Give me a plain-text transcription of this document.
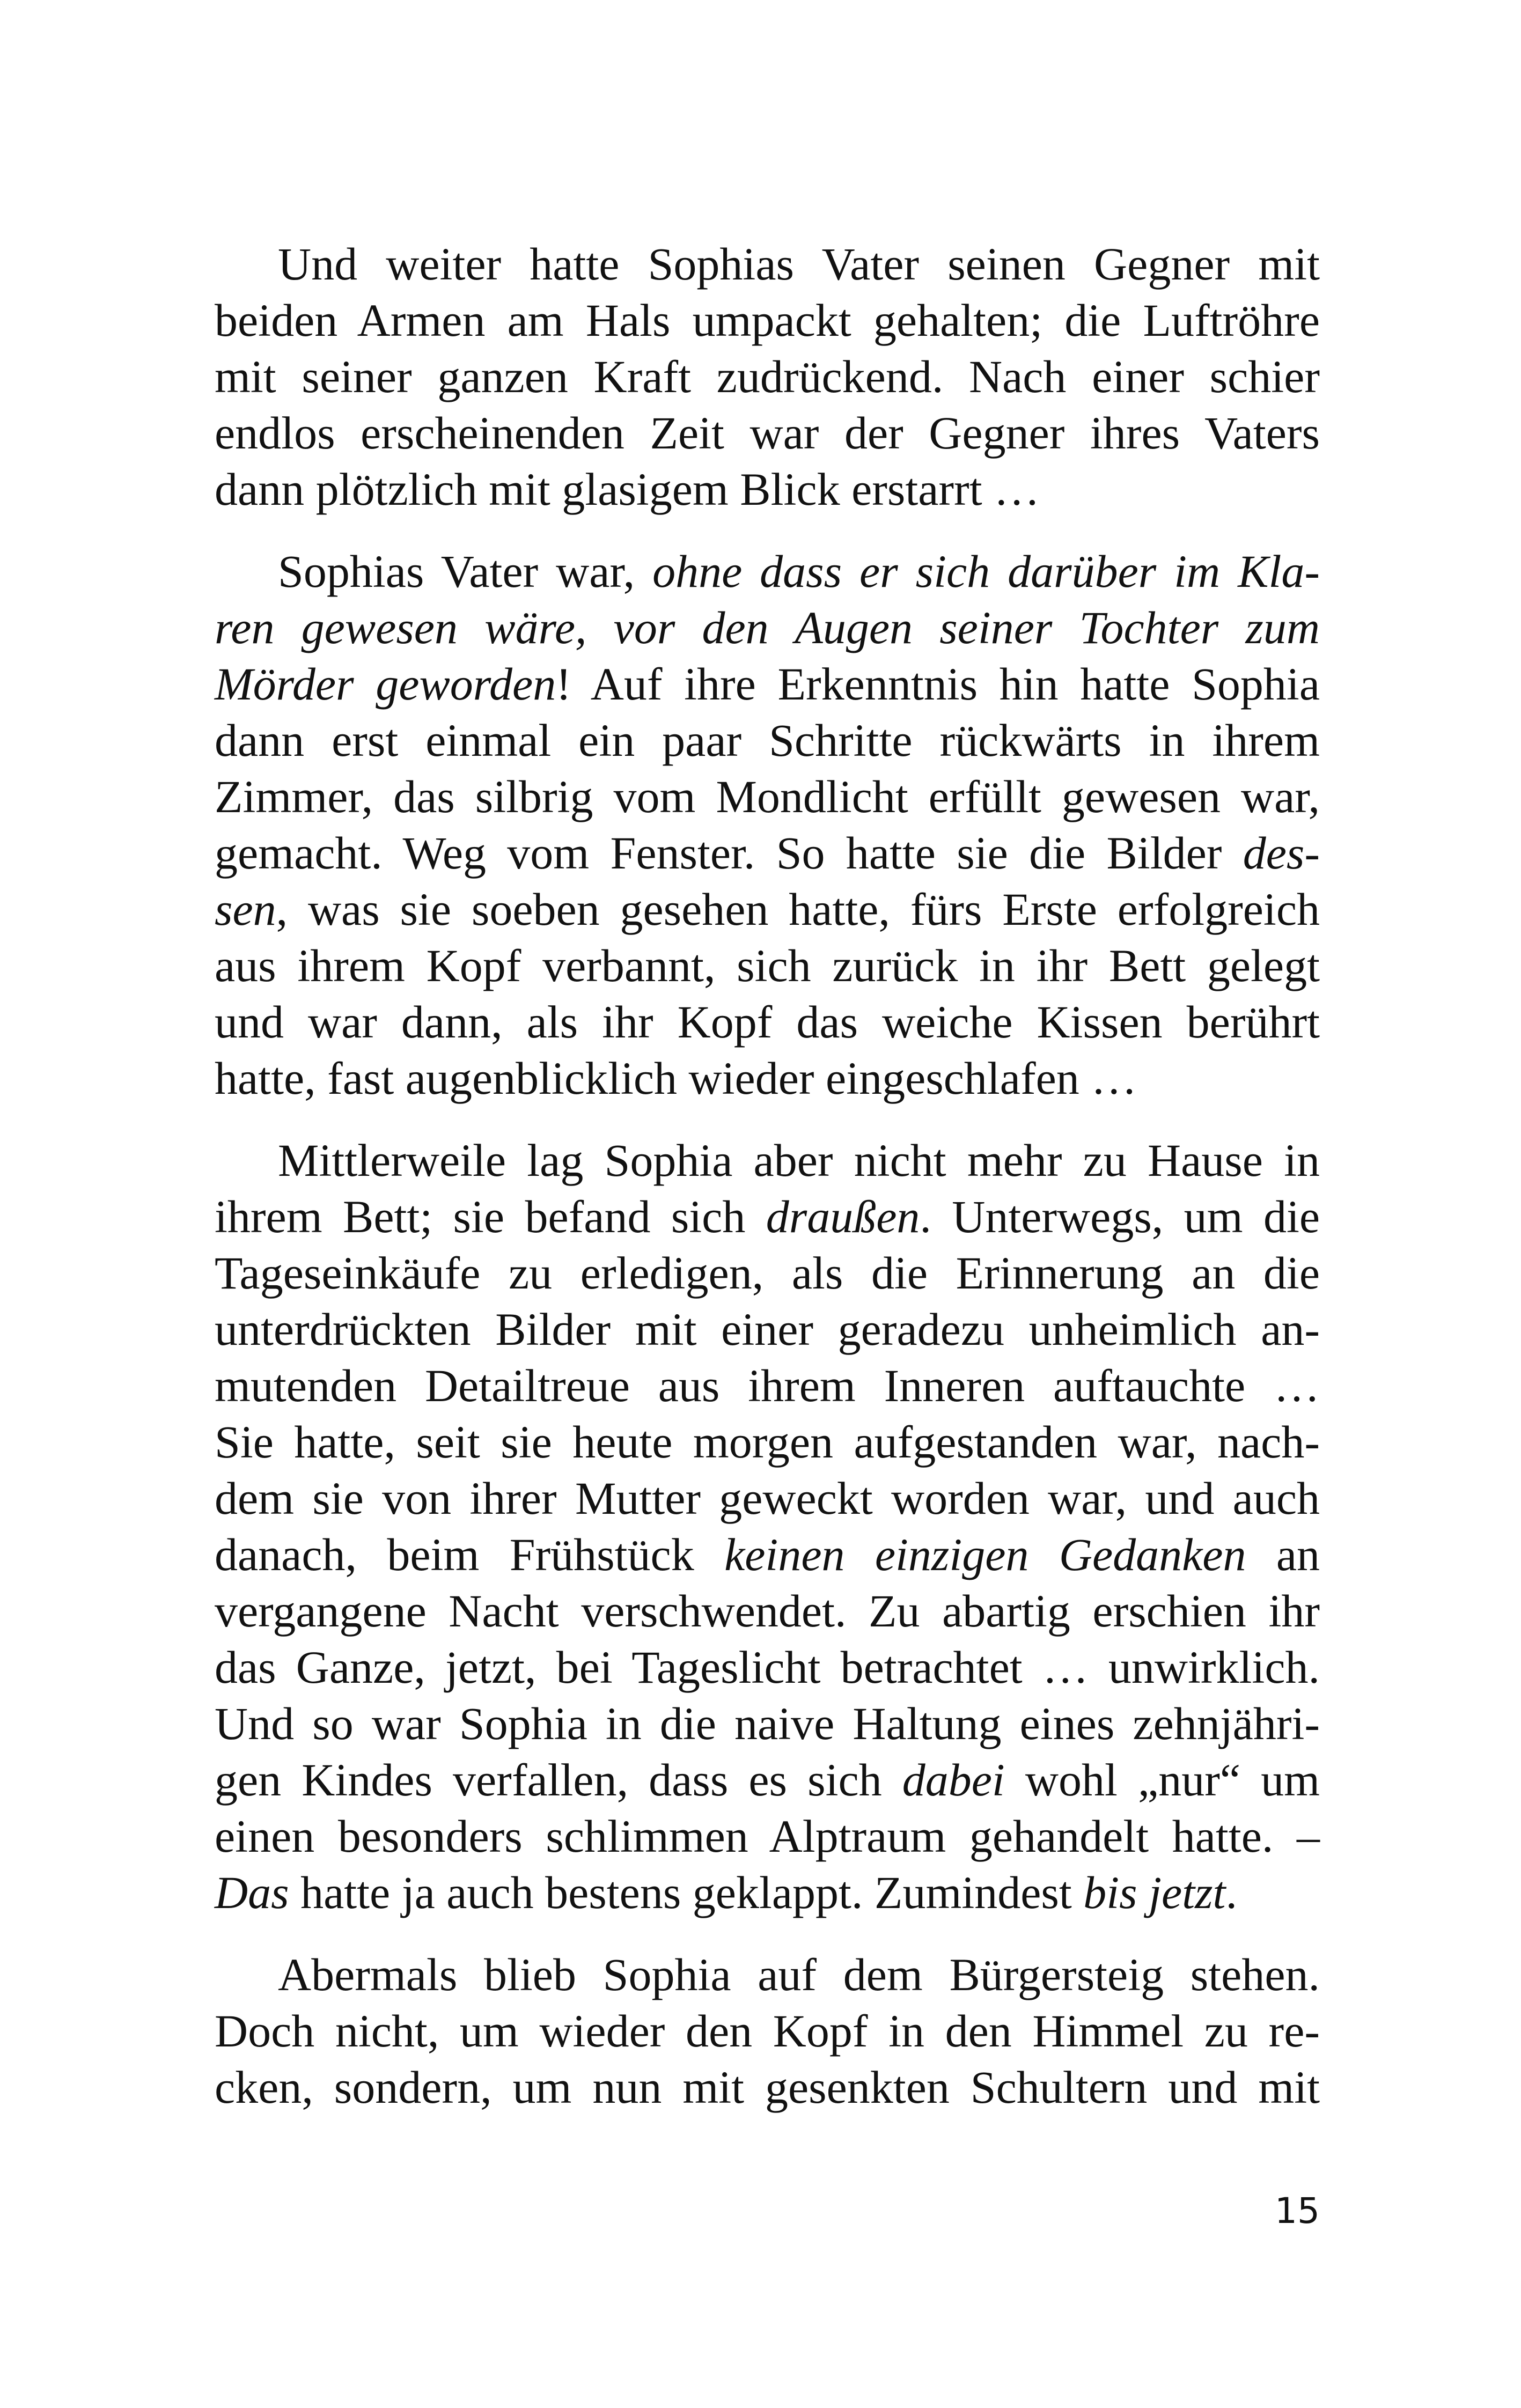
Und weiter hatte Sophias Vater seinen Gegner mit
beiden Armen am Hals umpackt gehalten; die Luftröhre
mit seiner ganzen Kraft zudrückend. Nach einer schier
endlos erscheinenden Zeit war der Gegner ihres Vaters
dann plötzlich mit glasigem Blick erstarrt …
Sophias Vater war, ohne dass er sich darüber im Kla-
ren gewesen wäre, vor den Augen seiner Tochter zum
Mörder geworden! Auf ihre Erkenntnis hin hatte Sophia
dann erst einmal ein paar Schritte rückwärts in ihrem
Zimmer, das silbrig vom Mondlicht erfüllt gewesen war,
gemacht. Weg vom Fenster. So hatte sie die Bilder des-
sen, was sie soeben gesehen hatte, fürs Erste erfolgreich
aus ihrem Kopf verbannt, sich zurück in ihr Bett gelegt
und war dann, als ihr Kopf das weiche Kissen berührt
hatte, fast augenblicklich wieder eingeschlafen …
Mittlerweile lag Sophia aber nicht mehr zu Hause in
ihrem Bett; sie befand sich draußen. Unterwegs, um die
Tageseinkäufe zu erledigen, als die Erinnerung an die
unterdrückten Bilder mit einer geradezu unheimlich an-
mutenden Detailtreue aus ihrem Inneren auftauchte …
Sie hatte, seit sie heute morgen aufgestanden war, nach-
dem sie von ihrer Mutter geweckt worden war, und auch
danach, beim Frühstück keinen einzigen Gedanken an
vergangene Nacht verschwendet. Zu abartig erschien ihr
das Ganze, jetzt, bei Tageslicht betrachtet … unwirklich.
Und so war Sophia in die naive Haltung eines zehnjähri-
gen Kindes verfallen, dass es sich dabei wohl „nur“ um
einen besonders schlimmen Alptraum gehandelt hatte. –
Das hatte ja auch bestens geklappt. Zumindest bis jetzt.
Abermals blieb Sophia auf dem Bürgersteig stehen.
Doch nicht, um wieder den Kopf in den Himmel zu re-
cken, sondern, um nun mit gesenkten Schultern und mit
15
